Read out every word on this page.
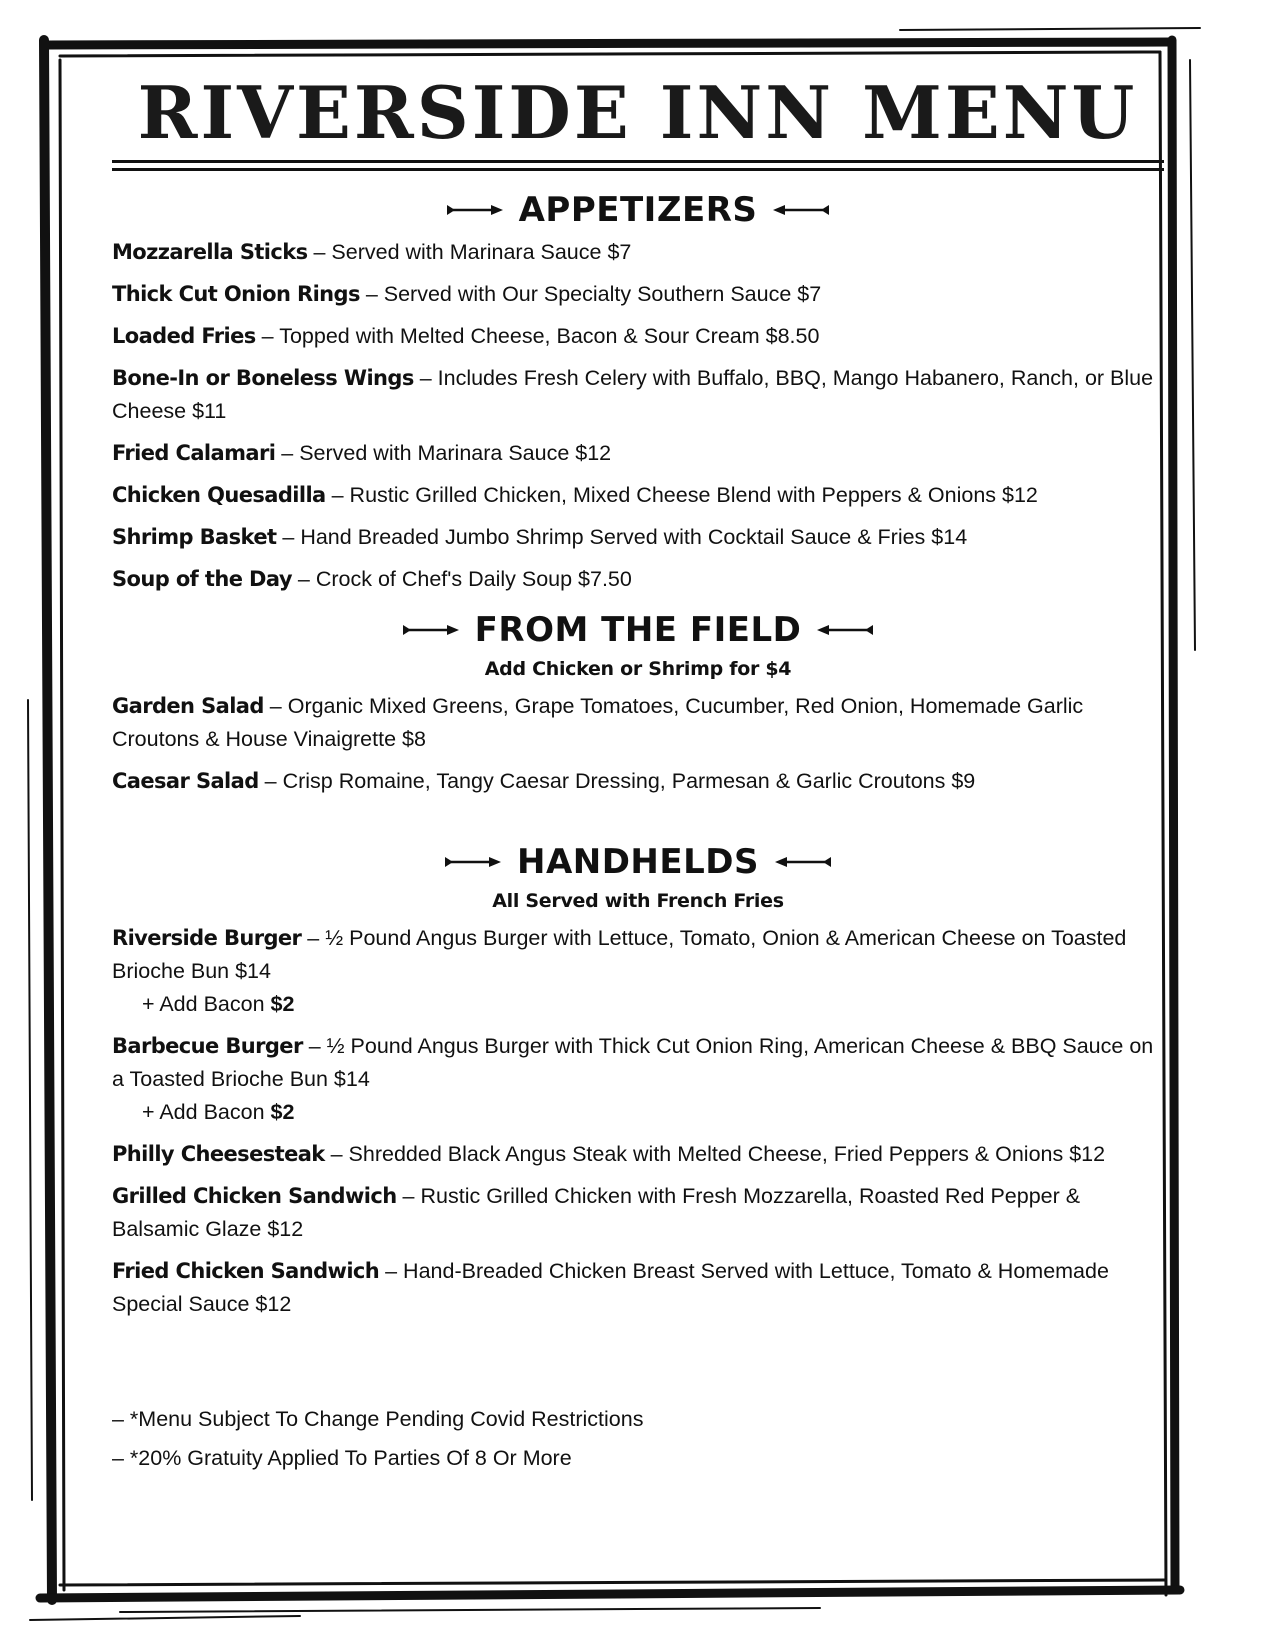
RIVERSIDE INN MENU
APPETIZERS
Mozzarella Sticks – Served with Marinara Sauce $7
Thick Cut Onion Rings – Served with Our Specialty Southern Sauce $7
Loaded Fries – Topped with Melted Cheese, Bacon & Sour Cream $8.50
Bone-In or Boneless Wings – Includes Fresh Celery with Buffalo, BBQ, Mango Habanero, Ranch, or Blue Cheese $11
Fried Calamari – Served with Marinara Sauce $12
Chicken Quesadilla – Rustic Grilled Chicken, Mixed Cheese Blend with Peppers & Onions $12
Shrimp Basket – Hand Breaded Jumbo Shrimp Served with Cocktail Sauce & Fries $14
Soup of the Day – Crock of Chef's Daily Soup $7.50
FROM THE FIELD
Add Chicken or Shrimp for $4
Garden Salad – Organic Mixed Greens, Grape Tomatoes, Cucumber, Red Onion, Homemade Garlic Croutons & House Vinaigrette $8
Caesar Salad – Crisp Romaine, Tangy Caesar Dressing, Parmesan & Garlic Croutons $9
HANDHELDS
All Served with French Fries
Riverside Burger – ½ Pound Angus Burger with Lettuce, Tomato, Onion & American Cheese on Toasted Brioche Bun $14
+ Add Bacon $2
Barbecue Burger – ½ Pound Angus Burger with Thick Cut Onion Ring, American Cheese & BBQ Sauce on a Toasted Brioche Bun $14
+ Add Bacon $2
Philly Cheesesteak – Shredded Black Angus Steak with Melted Cheese, Fried Peppers & Onions $12
Grilled Chicken Sandwich – Rustic Grilled Chicken with Fresh Mozzarella, Roasted Red Pepper & Balsamic Glaze $12
Fried Chicken Sandwich – Hand-Breaded Chicken Breast Served with Lettuce, Tomato & Homemade Special Sauce $12
– *Menu Subject To Change Pending Covid Restrictions
– *20% Gratuity Applied To Parties Of 8 Or More
